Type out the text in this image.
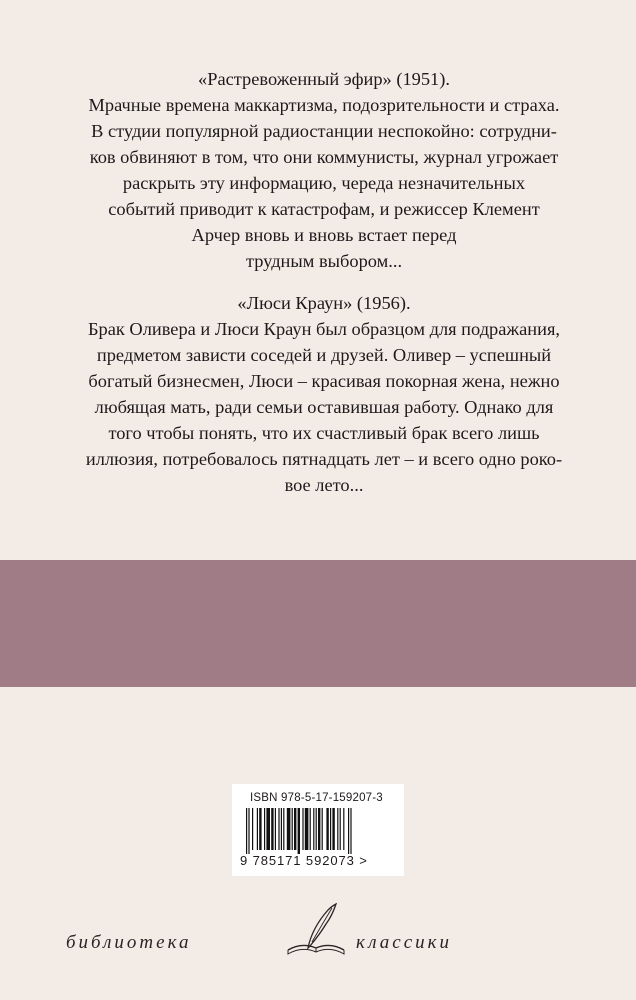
«Растревоженный эфир» (1951).
Мрачные времена маккартизма, подозрительности и страха.
В студии популярной радиостанции неспокойно: сотрудни-
ков обвиняют в том, что они коммунисты, журнал угрожает
раскрыть эту информацию, череда незначительных
событий приводит к катастрофам, и режиссер Клемент
Арчер вновь и вновь встает перед
трудным выбором...
«Люси Краун» (1956).
Брак Оливера и Люси Краун был образцом для подражания,
предметом зависти соседей и друзей. Оливер – успешный
богатый бизнесмен, Люси – красивая покорная жена, нежно
любящая мать, ради семьи оставившая работу. Однако для
того чтобы понять, что их счастливый брак всего лишь
иллюзия, потребовалось пятнадцать лет – и всего одно роко-
вое лето...
ISBN 978-5-17-159207-3
9 785171 592073 >
библиотека	классики
